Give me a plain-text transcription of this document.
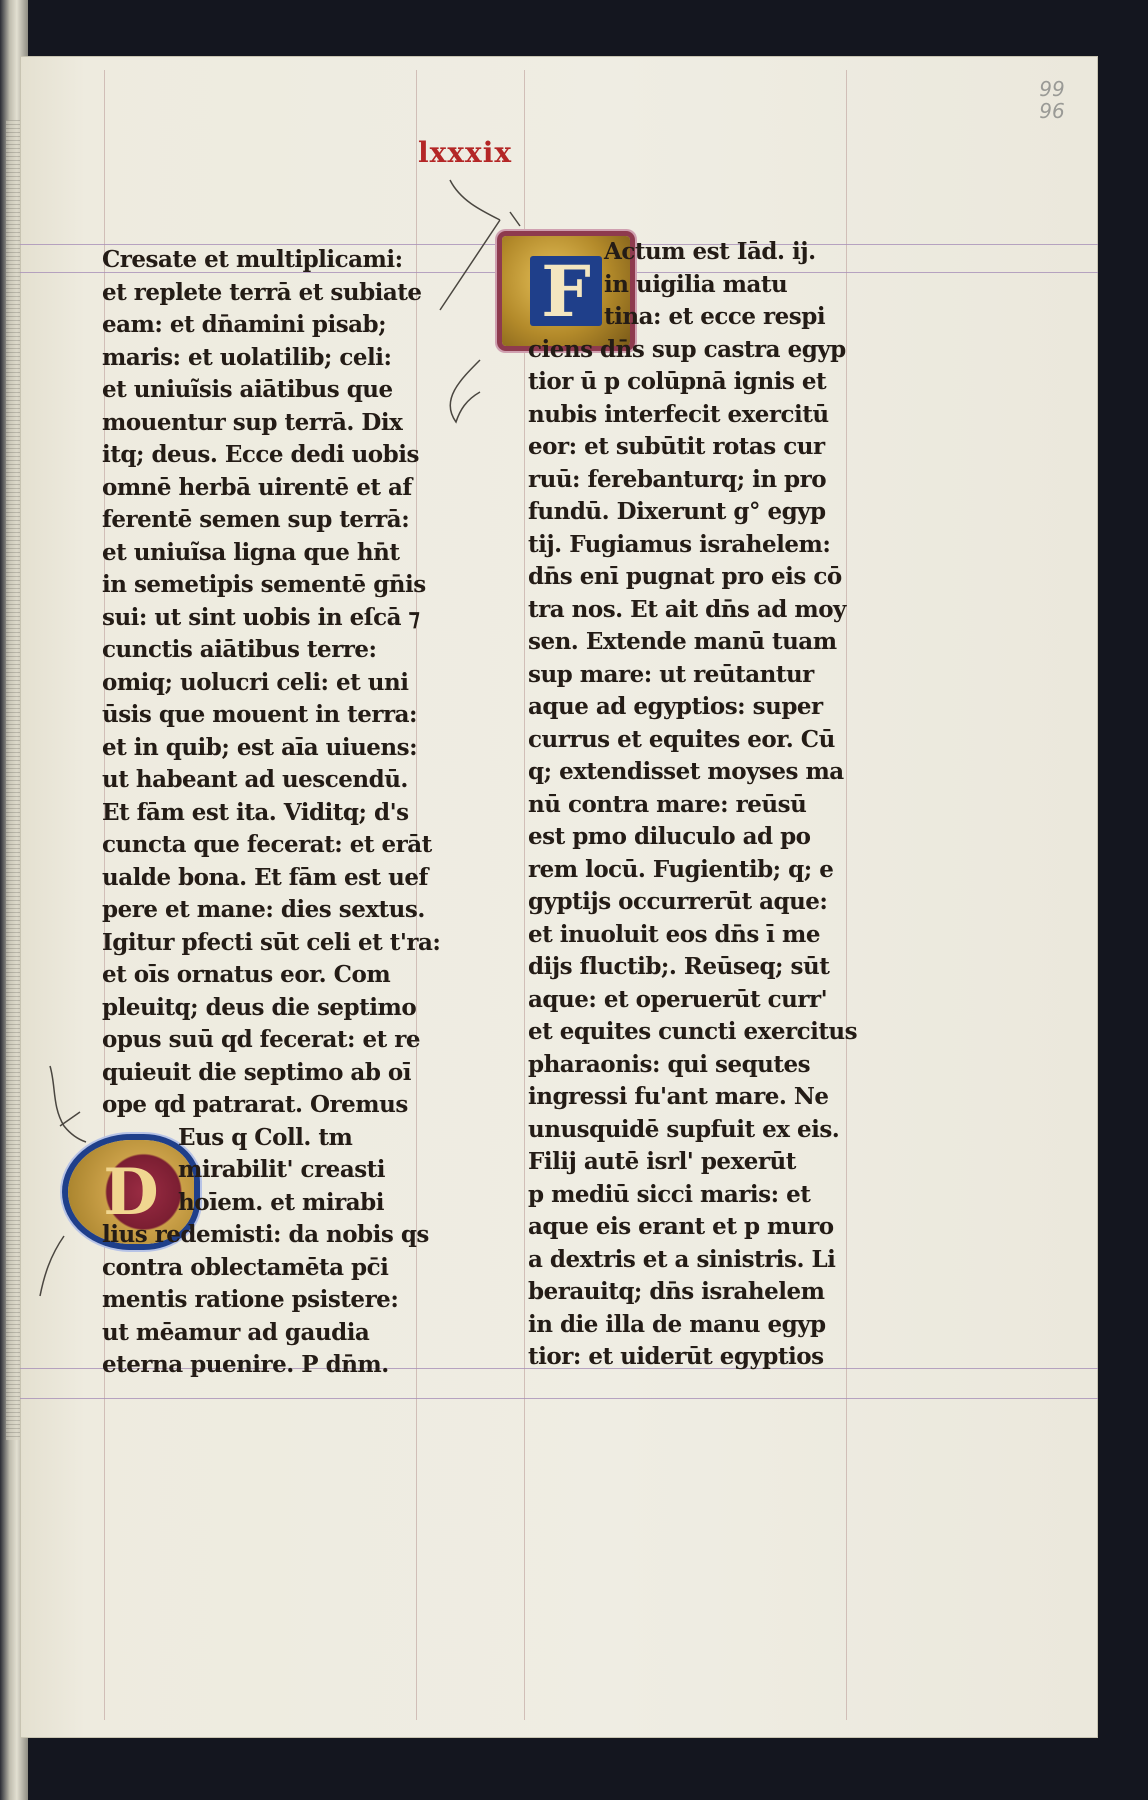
99
96
lxxxix
F
D
Cresate et multiplicami:
et replete terrā et subiate
eam: et dn̄amini pisab;
maris: et uolatilib; celi:
et uniuĩsis aiātibus que
mouentur sup terrā. Dix
itq; deus. Ecce dedi uobis
omnē herbā uirentē et af
ferentē semen sup terrā:
et uniuĩsa ligna que hn̄t
in semetipis sementē gn̄is
sui: ut sint uobis in eſcā ⁊
cunctis aiātibus terre:
omiq; uolucri celi: et uni
ūsis que mouent in terra:
et in quib; est aīa uiuens:
ut habeant ad uescendū.
Et fām est ita. Viditq; d's
cuncta que fecerat: et erāt
ualde bona. Et fām est uef
pere et mane: dies sextus.
Igitur pfecti sūt celi et t'ra:
et oīs ornatus eor. Com
pleuitq; deus die septimo
opus suū qd fecerat: et re
quieuit die septimo ab oī
ope qd patrarat. Oremus
Eus q Coll. tm
mirabilit' creasti
hoīem. et mirabi
lius redemisti: da nobis qs
contra oblectamēta pc̄i
mentis ratione psistere:
ut mēamur ad gaudia
eterna puenire. P dn̄m.
Actum est Iād. ij.
in uigilia matu
tina: et ecce respi
ciens dn̄s sup castra egyp
tior ū p colūpnā ignis et
nubis interfecit exercitū
eor: et subūtit rotas cur
ruū: ferebanturq; in pro
fundū. Dixerunt g° egyp
tij. Fugiamus israhelem:
dn̄s enī pugnat pro eis cō
tra nos. Et ait dn̄s ad moy
sen. Extende manū tuam
sup mare: ut reūtantur
aque ad egyptios: super
currus et equites eor. Cū
q; extendisset moyses ma
nū contra mare: reūsū
est pmo diluculo ad po
rem locū. Fugientib; q; e
gyptijs occurrerūt aque:
et inuoluit eos dn̄s ī me
dijs fluctib;. Reūseq; sūt
aque: et operuerūt curr'
et equites cuncti exercitus
pharaonis: qui sequtes
ingressi fu'ant mare. Ne
unusquidē supfuit ex eis.
Filij autē isrl' pexerūt
p mediū sicci maris: et
aque eis erant et p muro
a dextris et a sinistris. Li
berauitq; dn̄s israhelem
in die illa de manu egyp
tior: et uiderūt egyptios
